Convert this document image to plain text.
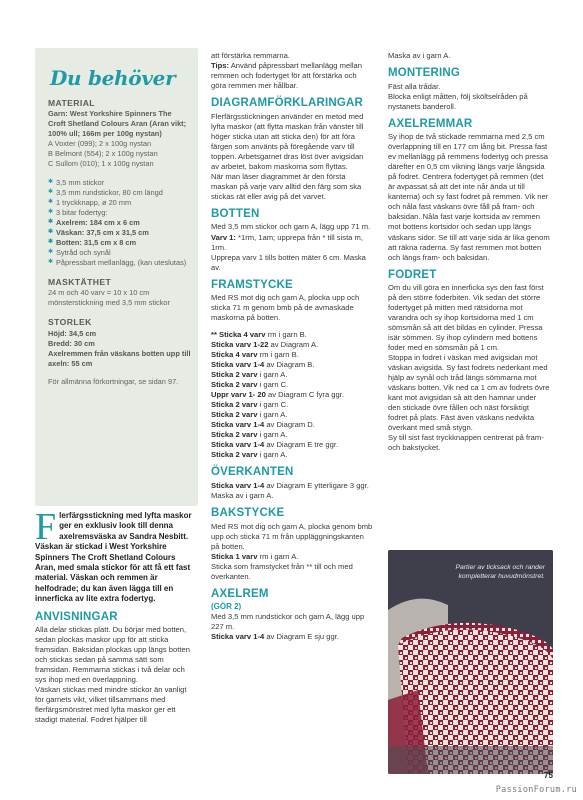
Du behöver
MATERIAL
Garn: West Yorkshire Spinners The Croft Shetland Colours Aran (Aran vikt; 100% ull; 166m per 100g nystan)
A Voxter (099); 2 x 100g nystan
B Belmont (554); 2 x 100g nystan
C Sullom (010); 1 x 100g nystan
✱ 3,5 mm stickor
✱ 3,5 mm rundstickor, 80 cm längd
✱ 1 tryckknapp, ø 20 mm
✱ 3 bitar fodertyg:
✱ Axelrem: 184 cm x 6 cm
✱ Väskan: 37,5 cm x 31,5 cm
✱ Botten: 31,5 cm x 8 cm
✱ Sytråd och synål
✱ Påpressbart mellanlägg, (kan uteslutas)
MASKTÄTHET
24 m och 40 varv = 10 x 10 cm mönsterstickning med 3,5 mm stickor
STORLEK
Höjd: 34,5 cm
Bredd: 30 cm
Axelremmen från väskans botten upp till axeln: 55 cm
För allmänna förkortningar, se sidan 97.

Flerfärgsstickning med lyfta maskor ger en exklusiv look till denna axelremsväska av Sandra Nesbitt. Väskan är stickad i West Yorkshire Spinners The Croft Shetland Colours Aran, med smala stickor för att få ett fast material. Väskan och remmen är helfodrade; du kan även lägga till en innerficka av lite extra fodertyg.

ANVISNINGAR

Alla delar stickas platt. Du börjar med botten, sedan plockas maskor upp för att sticka framsidan. Baksidan plockas upp längs botten och stickas sedan på samma sätt som framsidan. Remmarna stickas i två delar och sys ihop med en överlappning.
Väskan stickas med mindre stickor än vanligt för garnets vikt, vilket tillsammans med flerfärgsmönstret med lyfta maskor ger ett stadigt material. Fodret hjälper till

att förstärka remmarna.

Tips: Använd påpressbart mellanlägg mellan remmen och fodertyget för att förstärka och göra remmen mer hållbar.

DIAGRAMFÖRKLARINGAR

Flerfärgsstickningen använder en metod med lyfta maskor (att flytta maskan från vänster till höger sticka utan att sticka den) för att föra färgen som använts på föregående varv till toppen. Arbetsgarnet dras löst över avigsidan av arbetet, bakom maskorna som flyttas.
När man läser diagrammet är den första maskan på varje varv alltid den färg som ska stickas rät eller avig på det varvet.

BOTTEN

Med 3,5 mm stickor och garn A, lägg upp 71 m.

Varv 1: *1rm, 1am; upprepa från * till sista m, 1rm.

Upprepa varv 1 tills botten mäter 6 cm. Maska av.

FRAMSTYCKE

Med RS mot dig och garn A, plocka upp och sticka 71 m genom bmb på de avmaskade maskorna på botten.

** Sticka 4 varv rm i garn B.
Sticka varv 1-22 av Diagram A.
Sticka 4 varv rm i garn B.
Sticka varv 1-4 av Diagram B.
Sticka 2 varv i garn A.
Sticka 2 varv i garn C.
Uppr varv 1- 20 av Diagram C fyra ggr.
Sticka 2 varv i garn C.
Sticka 2 varv i garn A.
Sticka varv 1-4 av Diagram D.
Sticka 2 varv i garn A.
Sticka varv 1-4 av Diagram E tre ggr.
Sticka 2 varv i garn A.
ÖVERKANTEN

Sticka varv 1-4 av Diagram E ytterligare 3 ggr.

Maska av i garn A.

BAKSTYCKE

Med RS mot dig och garn A, plocka genom bmb upp och sticka 71 m från uppläggningskanten på botten.

Sticka 1 varv rm i garn A.

Sticka som framstycket från ** till och med överkanten.

AXELREM
(GÖR 2)

Med 3,5 mm rundstickor och garn A, lägg upp 227 m.

Sticka varv 1-4 av Diagram E sju ggr.

Maska av i garn A.

MONTERING

Fäst alla trådar.
Blocka enligt måtten, följ sköltselråden på nystanets banderoll.

AXELREMMAR

Sy ihop de två stickade remmarna med 2,5 cm överlappning till en 177 cm lång bit. Pressa fast ev mellanlägg på remmens fodertyg och pressa därefter en 0,5 cm vikning längs varje långsida på fodret. Centrera fodertyget på remmen (det är avpassat så att det inte når ända ut till kanterna) och sy fast fodret på remmen. Vik ner och nåla fast väskans övre fåll på fram- och baksidan. Nåla fast varje kortsida av remmen mot bottens kortsidor och sedan upp längs väskans sidor. Se till att varje sida är lika genom att räkna raderna. Sy fast remmen mot botten och längs fram- och baksidan.

FODRET

Om du vill göra en innerficka sys den fast först på den större foderbiten. Vik sedan det större fodertyget på mitten med rätsidorna mot varandra och sy ihop kortsidorna med 1 cm sömsmån så att det bildas en cylinder. Pressa isär sömmen. Sy ihop cylindern med bottens foder med en sömsmån på 1 cm.
Stoppa in fodret i väskan med avigsidan mot väskan avigsida. Sy fast fodrets nederkant med hjälp av synål och tråd längs sömmarna mot väskans botten. Vik ned ca 1 cm av fodrets övre kant mot avigsidan så att den hamnar under den stickade övre fållen och näst försiktigt fodret på plats. Fäst även väskans nedvikta överkant med små stygn.
Sy till sist fast tryckknappen centrerat på fram- och bakstycket.

Partier av ticksack och rander kompletterar huvudmönstret.
75
PassionForum.ru
